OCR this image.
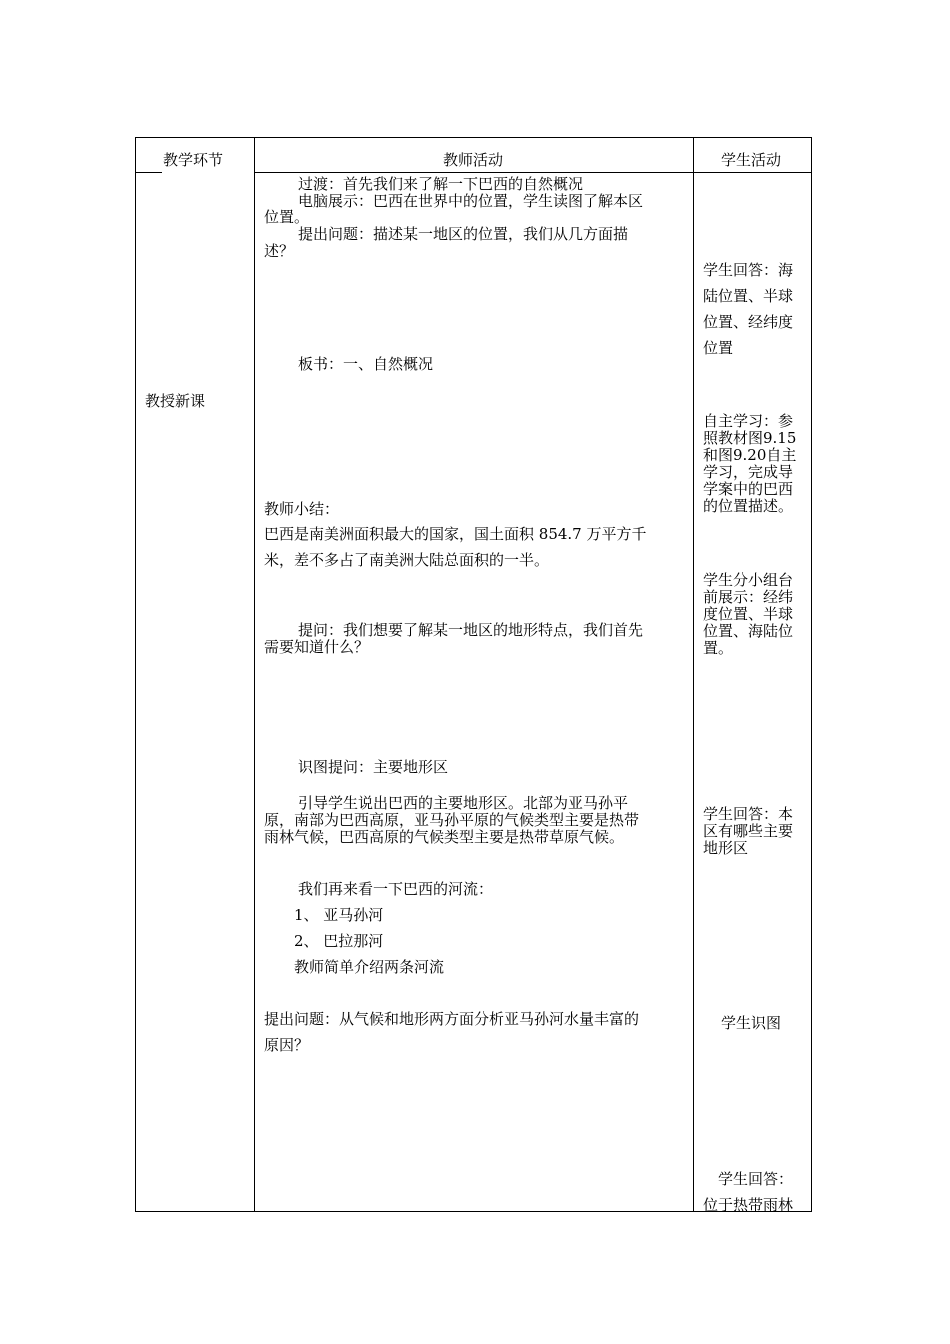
教学环节	教师活动	学生活动
教授新课
过渡：首先我们来了解一下巴西的自然概况
电脑展示：巴西在世界中的位置，学生读图了解本区
位置。
提出问题：描述某一地区的位置，我们从几方面描
述？
板书：一、自然概况
教师小结：
巴西是南美洲面积最大的国家，国土面积 854.7 万平方千
米，差不多占了南美洲大陆总面积的一半。
提问：我们想要了解某一地区的地形特点，我们首先
需要知道什么？
识图提问：主要地形区
引导学生说出巴西的主要地形区。北部为亚马孙平
原，南部为巴西高原，亚马孙平原的气候类型主要是热带
雨林气候，巴西高原的气候类型主要是热带草原气候。
我们再来看一下巴西的河流：
1、 亚马孙河
2、 巴拉那河
教师简单介绍两条河流
提出问题：从气候和地形两方面分析亚马孙河水量丰富的
原因？
学生回答：海
陆位置、半球
位置、经纬度
位置
自主学习：参
照教材图9.15
和图9.20自主
学习，完成导
学案中的巴西
的位置描述。
学生分小组台
前展示：经纬
度位置、半球
位置、海陆位
置。
学生回答：本
区有哪些主要
地形区
学生识图
学生回答：
位于热带雨林
